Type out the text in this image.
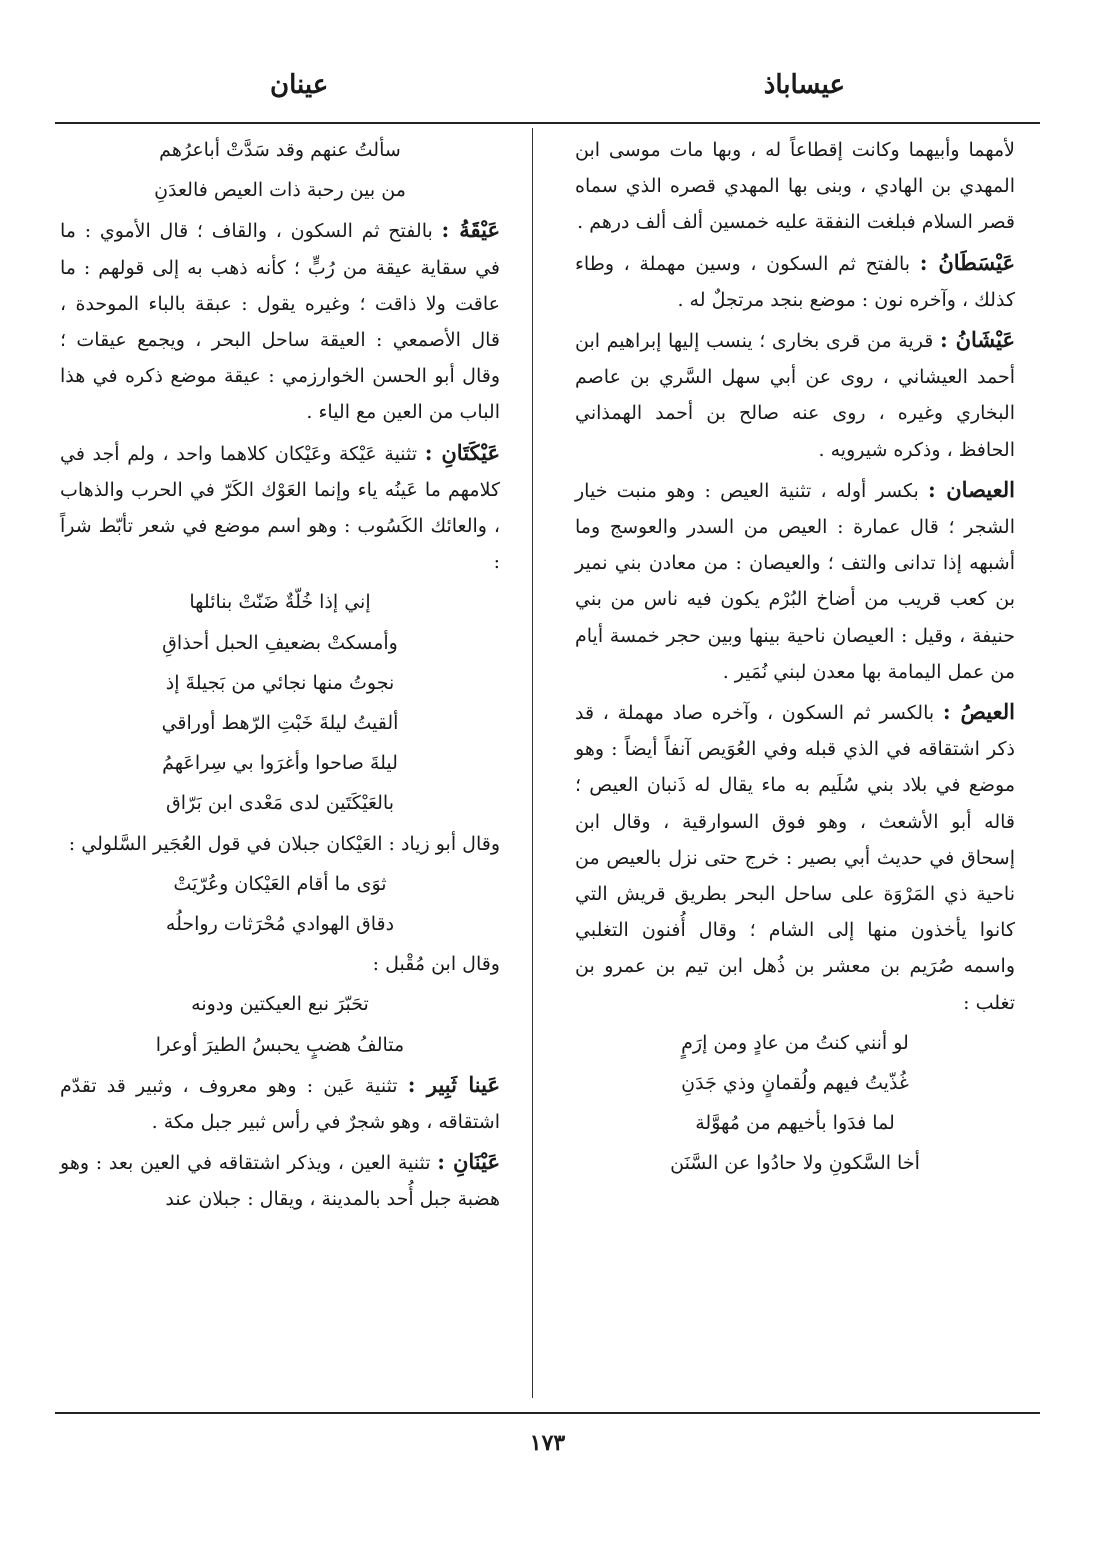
عيساباذ
عينان

لأمهما وأبيهما وكانت إقطاعاً له ، وبها مات موسى ابن المهدي بن الهادي ، وبنى بها المهدي قصره الذي سماه قصر السلام فبلغت النفقة عليه خمسين ألف ألف درهم .

عَيْسَطَانُ : بالفتح ثم السكون ، وسين مهملة ، وطاء كذلك ، وآخره نون : موضع بنجد مرتجلٌ له .

عَيْشَانُ : قرية من قرى بخارى ؛ ينسب إليها إبراهيم ابن أحمد العيشاني ، روى عن أبي سهل السَّري بن عاصم البخاري وغيره ، روى عنه صالح بن أحمد الهمذاني الحافظ ، وذكره شيرويه .

العيصان : بكسر أوله ، تثنية العيص : وهو منبت خيار الشجر ؛ قال عمارة : العيص من السدر والعوسج وما أشبهه إذا تدانى والتف ؛ والعيصان : من معادن بني نمير بن كعب قريب من أضاخ البُرْم يكون فيه ناس من بني حنيفة ، وقيل : العيصان ناحية بينها وبين حجر خمسة أيام من عمل اليمامة بها معدن لبني نُمَير .

العيصُ : بالكسر ثم السكون ، وآخره صاد مهملة ، قد ذكر اشتقاقه في الذي قبله وفي العُوَيص آنفاً أيضاً : وهو موضع في بلاد بني سُلَيم به ماء يقال له ذَنبان العيص ؛ قاله أبو الأشعث ، وهو فوق السوارقية ، وقال ابن إسحاق في حديث أبي بصير : خرج حتى نزل بالعيص من ناحية ذي المَرْوَة على ساحل البحر بطريق قريش التي كانوا يأخذون منها إلى الشام ؛ وقال أُفنون التغلبي واسمه صُرَيم بن معشر بن ذُهل ابن تيم بن عمرو بن تغلب :

لو أنني كنتُ من عادٍ ومن إرَمٍ

غُذّيتُ فيهم ولُقمانٍ وذي جَدَنِ

لما فدَوا بأخيهم من مُهوَّلة

أخا السَّكونِ ولا حادُوا عن السَّنَن

سألتُ عنهم وقد سَدَّتْ أباعرُهم

من بين رحبة ذات العيص فالعدَنِ

عَيْقَةُ : بالفتح ثم السكون ، والقاف ؛ قال الأموي : ما في سقاية عيقة من رُبٍّ ؛ كأنه ذهب به إلى قولهم : ما عاقت ولا ذاقت ؛ وغيره يقول : عبقة بالباء الموحدة ، قال الأصمعي : العيقة ساحل البحر ، ويجمع عيقات ؛ وقال أبو الحسن الخوارزمي : عيقة موضع ذكره في هذا الباب من العين مع الياء .

عَيْكَتَانِ : تثنية عَيْكة وعَيْكان كلاهما واحد ، ولم أجد في كلامهم ما عَينُه ياء وإنما العَوْك الكَرّ في الحرب والذهاب ، والعائك الكَسُوب : وهو اسم موضع في شعر تأبّط شراً :

إني إذا خُلّةٌ ضَنّتْ بنائلها

وأمسكتْ بضعيفِ الحبل أحذاقِ

نجوتُ منها نجائي من بَجيلةَ إذ

ألقيتُ ليلةَ خَبْتِ الرّهط أوراقي

ليلةَ صاحوا وأغرَوا بي سِراعَهمُ

بالعَيْكَتَين لدى مَعْدى ابن بَرّاق

وقال أبو زياد : العَيْكان جبلان في قول العُجَير السَّلولي :

ثوَى ما أقام العَيْكان وعُرّيَتْ

دقاق الهوادي مُحْرَثات رواحلُه

وقال ابن مُقْبل :

تحَبّرَ نبع العيكتين ودونه

متالفُ هضبٍ يحبسُ الطيرَ أوعرا

عَينا ثَبِير : تثنية عَين : وهو معروف ، وثبير قد تقدّم اشتقاقه ، وهو شجرٌ في رأس ثبير جبل مكة .

عَيْنَانِ : تثنية العين ، ويذكر اشتقاقه في العين بعد : وهو هضبة جبل أُحد بالمدينة ، ويقال : جبلان عند

١٧٣
